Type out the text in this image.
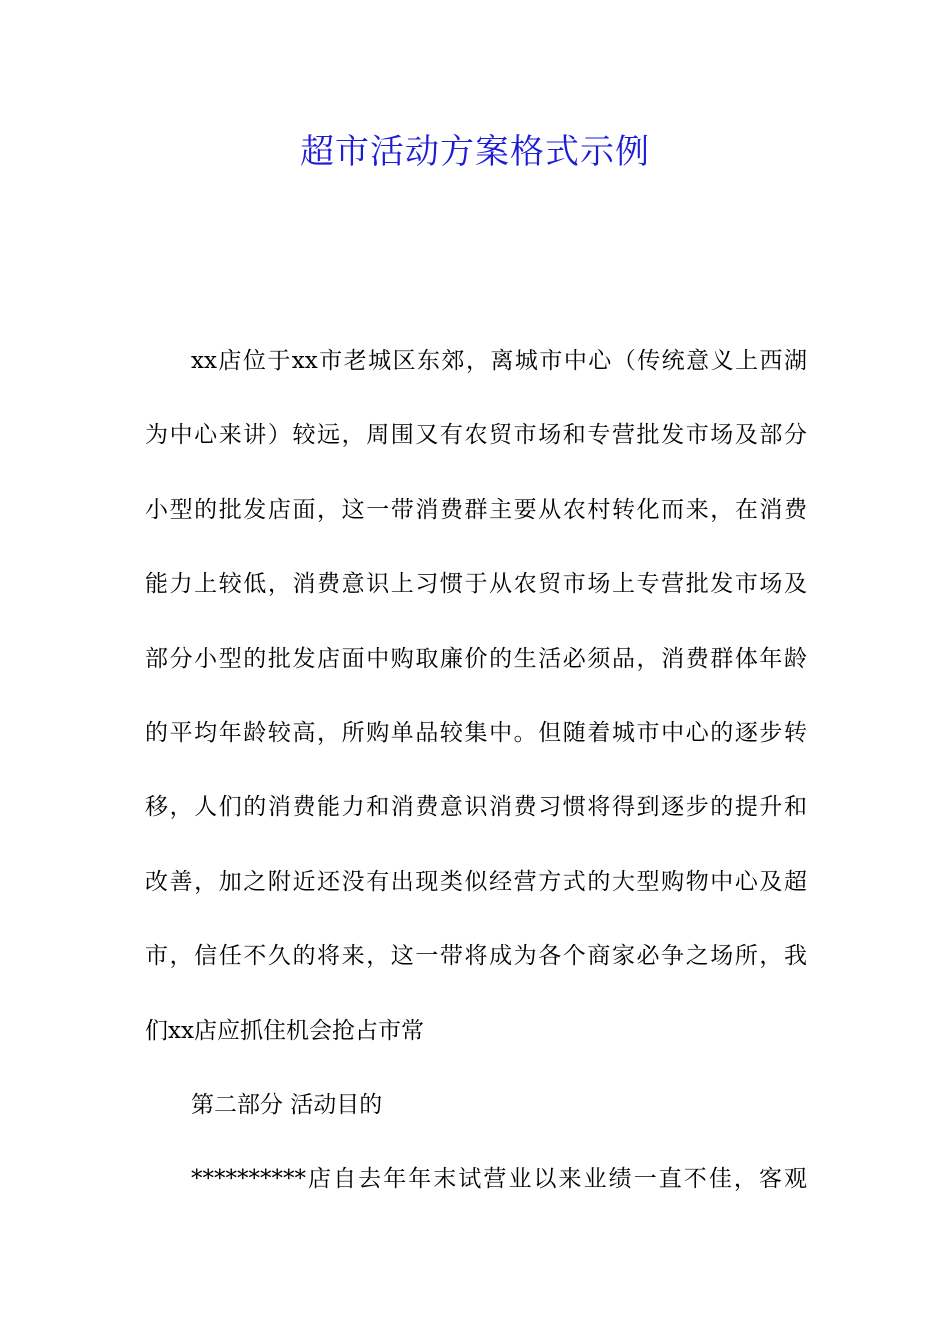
超市活动方案格式示例
xx店位于xx市老城区东郊，离城市中心（传统意义上西湖
为中心来讲）较远，周围又有农贸市场和专营批发市场及部分
小型的批发店面，这一带消费群主要从农村转化而来，在消费
能力上较低，消费意识上习惯于从农贸市场上专营批发市场及
部分小型的批发店面中购取廉价的生活必须品，消费群体年龄
的平均年龄较高，所购单品较集中。但随着城市中心的逐步转
移，人们的消费能力和消费意识消费习惯将得到逐步的提升和
改善，加之附近还没有出现类似经营方式的大型购物中心及超
市，信任不久的将来，这一带将成为各个商家必争之场所，我
们xx店应抓住机会抢占市常
第二部分 活动目的
**********店自去年年末试营业以来业绩一直不佳，客观
